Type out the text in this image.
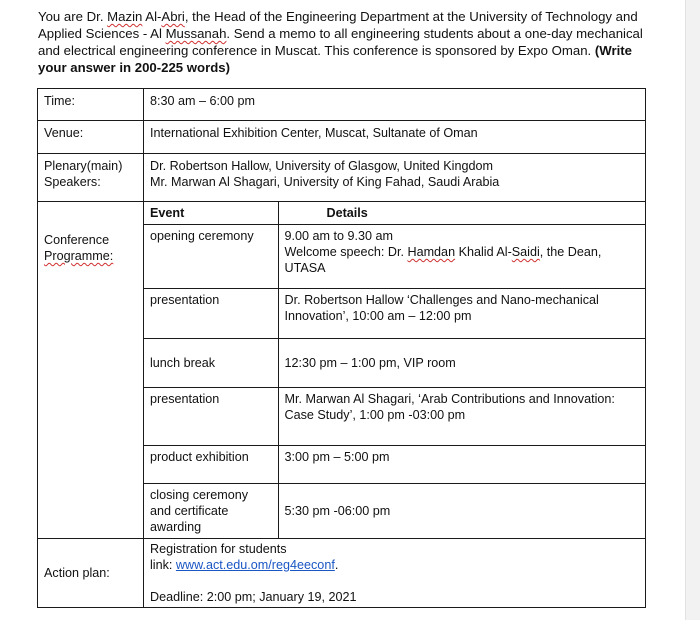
You are Dr. Mazin Al-Abri, the Head of the Engineering Department at the University of Technology and Applied Sciences - Al Mussanah. Send a memo to all engineering students about a one-day mechanical and electrical engineering conference in Muscat. This conference is sponsored by Expo Oman. (Write your answer in 200-225 words)
Time:	8:30 am – 6:00 pm
Venue:	International Exhibition Center, Muscat, Sultanate of Oman

Plenary(main)
Speakers:

Dr. Robertson Hallow, University of Glasgow, United Kingdom
Mr. Marwan Al Shagari, University of King Fahad, Saudi Arabia

Conference
Programme:

Event	Details
opening ceremony	9.00 am to 9.30 am
Welcome speech: Dr. Hamdan Khalid Al-Saidi, the Dean, UTASA

presentation	Dr. Robertson Hallow ‘Challenges and Nano-mechanical Innovation’, 10:00 am – 12:00 pm
lunch break	12:30 pm – 1:00 pm, VIP room
presentation	Mr. Marwan Al Shagari, ‘Arab Contributions and Innovation: Case Study’, 1:00 pm -03:00 pm
product exhibition	3:00 pm – 5:00 pm
closing ceremony and certificate awarding	5:30 pm -06:00 pm

Action plan:	
Registration for students
link: www.act.edu.om/reg4eeconf.
Deadline: 2:00 pm; January 19, 2021
